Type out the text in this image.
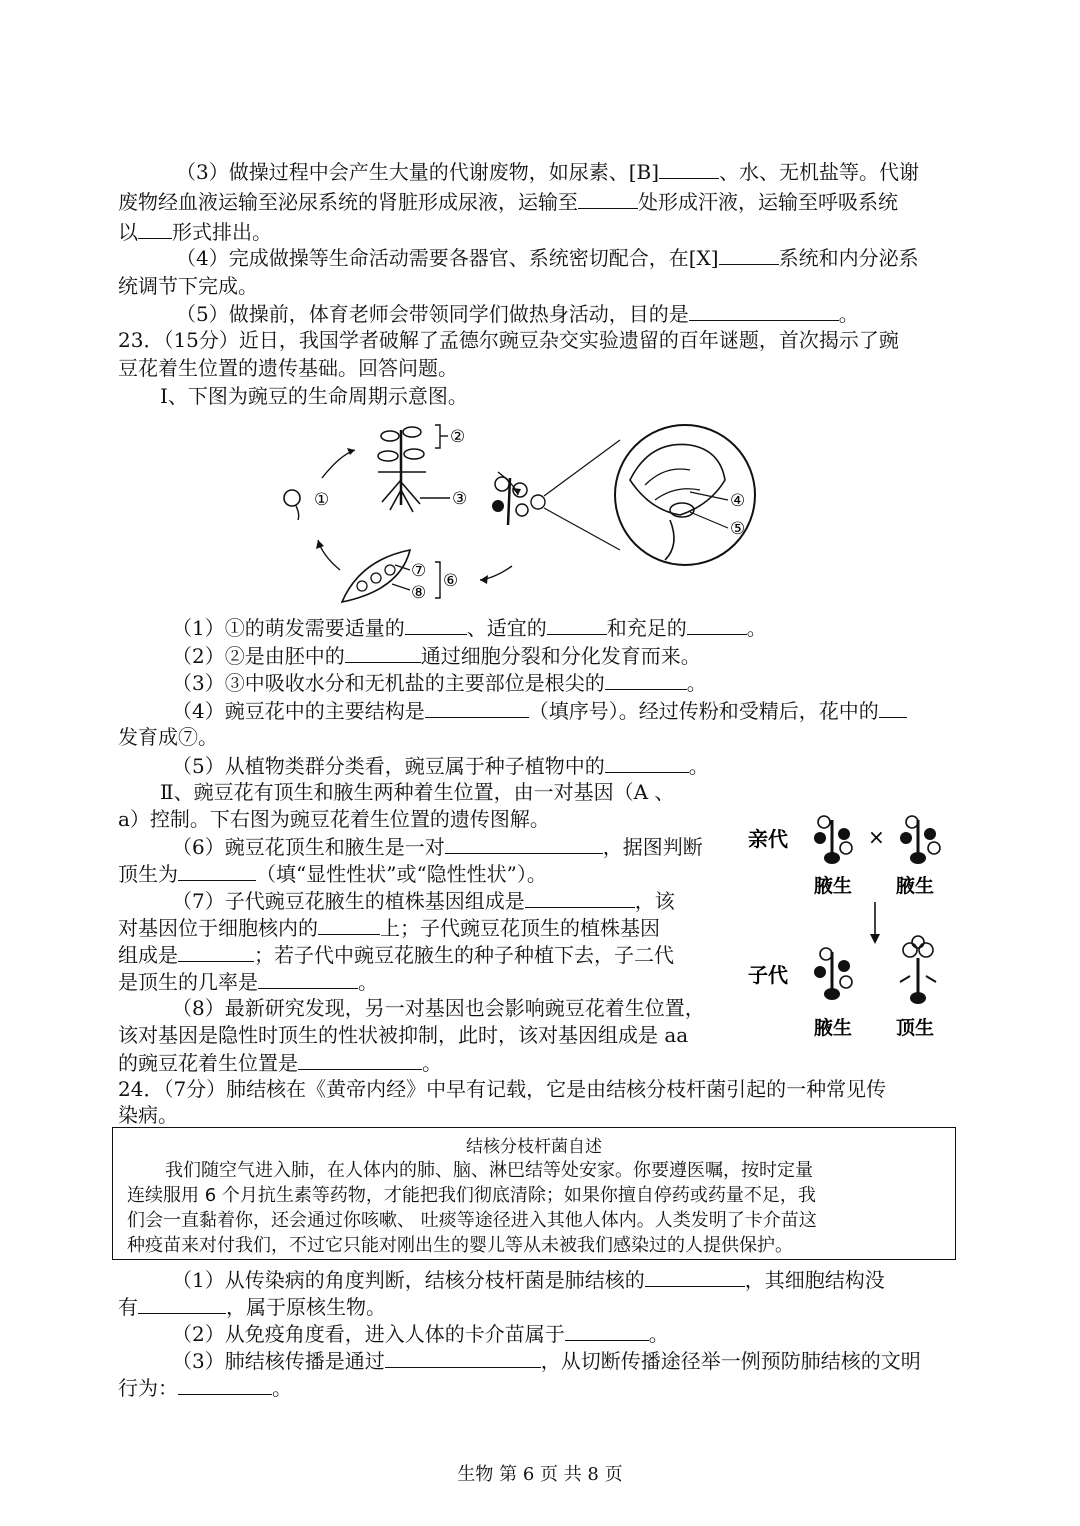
（3）做操过程中会产生大量的代谢废物，如尿素、[B]	、水、无机盐等。代谢
废物经血液运输至泌尿系统的肾脏形成尿液，运输至	处形成汗液，运输至呼吸系统
以 形式排出。
（4）完成做操等生命活动需要各器官、系统密切配合，在[X]	系统和内分泌系
统调节下完成。
（5）做操前，体育老师会带领同学们做热身活动，目的是	。
23．（15分）近日，我国学者破解了孟德尔豌豆杂交实验遗留的百年谜题，首次揭示了豌
豆花着生位置的遗传基础。回答问题。
Ⅰ、下图为豌豆的生命周期示意图。
①
②
③	④
⑤
⑦
⑧
⑥
（1）①的萌发需要适量的	、适宜的	和充足的	。
（2）②是由胚中的	通过细胞分裂和分化发育而来。
（3）③中吸收水分和无机盐的主要部位是根尖的	。
（4）豌豆花中的主要结构是	（填序号）。经过传粉和受精后，花中的
发育成⑦。
（5）从植物类群分类看，豌豆属于种子植物中的	。
Ⅱ、豌豆花有顶生和腋生两种着生位置，由一对基因（A 、
a）控制。下右图为豌豆花着生位置的遗传图解。
（6）豌豆花顶生和腋生是一对	，据图判断
顶生为	（填“显性性状”或“隐性性状”）。
（7）子代豌豆花腋生的植株基因组成是	，该
对基因位于细胞核内的	上；子代豌豆花顶生的植株基因
组成是	；若子代中豌豆花腋生的种子种植下去，子二代
是顶生的几率是	。
（8）最新研究发现，另一对基因也会影响豌豆花着生位置，
该对基因是隐性时顶生的性状被抑制，此时，该对基因组成是 aa
的豌豆花着生位置是	。
亲代	×
腋生 腋生
子代
腋生 顶生
24．（7分）肺结核在《黄帝内经》中早有记载，它是由结核分枝杆菌引起的一种常见传
染病。
结核分枝杆菌自述
我们随空气进入肺，在人体内的肺、脑、淋巴结等处安家。你要遵医嘱，按时定量
连续服用 6 个月抗生素等药物，才能把我们彻底清除；如果你擅自停药或药量不足，我
们会一直黏着你，还会通过你咳嗽、 吐痰等途径进入其他人体内。人类发明了卡介苗这
种疫苗来对付我们，不过它只能对刚出生的婴儿等从未被我们感染过的人提供保护。
（1）从传染病的角度判断，结核分枝杆菌是肺结核的	，其细胞结构没
有	，属于原核生物。
（2）从免疫角度看，进入人体的卡介苗属于	。
（3）肺结核传播是通过	，从切断传播途径举一例预防肺结核的文明
行为：	。
生物 第 6 页 共 8 页
